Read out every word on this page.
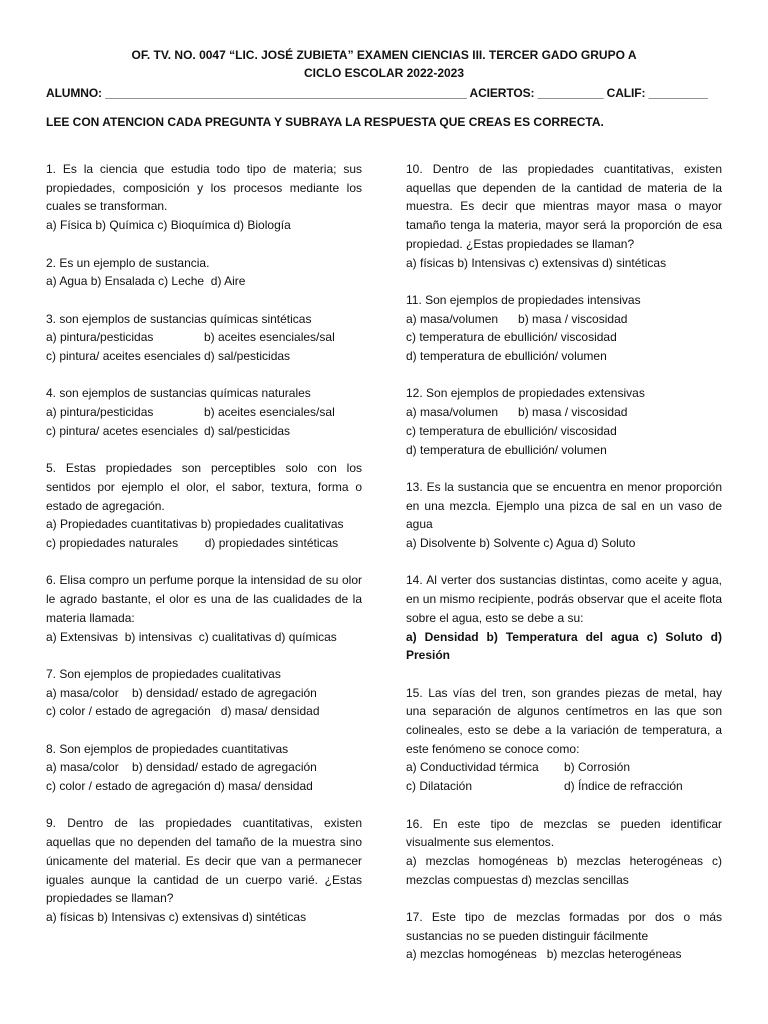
OF. TV. NO. 0047 “LIC. JOSÉ ZUBIETA” EXAMEN CIENCIAS III. TERCER GADO GRUPO A
CICLO ESCOLAR 2022-2023
ALUMNO: _______________________________________________________ ACIERTOS: __________ CALIF: _________
LEE CON ATENCION CADA PREGUNTA Y SUBRAYA LA RESPUESTA QUE CREAS ES CORRECTA.

1. Es la ciencia que estudia todo tipo de materia; sus propiedades, composición y los procesos mediante los cuales se transforman.

a) Física b) Química c) Bioquímica d) Biología

2. Es un ejemplo de sustancia.

a) Agua b) Ensalada c) Leche  d) Aire

3. son ejemplos de sustancias químicas sintéticas

a) pintura/pesticidas	b) aceites esenciales/sal
c) pintura/ aceites esenciales d) sal/pesticidas

4. son ejemplos de sustancias químicas naturales

a) pintura/pesticidas	b) aceites esenciales/sal
c) pintura/ acetes esenciales d) sal/pesticidas

5. Estas propiedades son perceptibles solo con los sentidos por ejemplo el olor, el sabor, textura, forma o estado de agregación.

a) Propiedades cuantitativas b) propiedades cualitativas

c) propiedades naturales        d) propiedades sintéticas

6. Elisa compro un perfume porque la intensidad de su olor le agrado bastante, el olor es una de las cualidades de la materia llamada:

a) Extensivas  b) intensivas  c) cualitativas d) químicas

7. Son ejemplos de propiedades cualitativas

a) masa/color    b) densidad/ estado de agregación

c) color / estado de agregación   d) masa/ densidad

8. Son ejemplos de propiedades cuantitativas

a) masa/color    b) densidad/ estado de agregación

c) color / estado de agregación d) masa/ densidad

9. Dentro de las propiedades cuantitativas, existen aquellas que no dependen del tamaño de la muestra sino únicamente del material. Es decir que van a permanecer iguales aunque la cantidad de un cuerpo varié. ¿Estas propiedades se llaman?

a) físicas b) Intensivas c) extensivas d) sintéticas

10. Dentro de las propiedades cuantitativas, existen aquellas que dependen de la cantidad de materia de la muestra. Es decir que mientras mayor masa o mayor tamaño tenga la materia, mayor será la proporción de esa propiedad. ¿Estas propiedades se llaman?

a) físicas b) Intensivas c) extensivas d) sintéticas

11. Son ejemplos de propiedades intensivas

a) masa/volumen      b) masa / viscosidad

c) temperatura de ebullición/ viscosidad

d) temperatura de ebullición/ volumen

12. Son ejemplos de propiedades extensivas

a) masa/volumen      b) masa / viscosidad

c) temperatura de ebullición/ viscosidad

d) temperatura de ebullición/ volumen

13. Es la sustancia que se encuentra en menor proporción en una mezcla. Ejemplo una pizca de sal en un vaso de agua

a) Disolvente b) Solvente c) Agua d) Soluto

14. Al verter dos sustancias distintas, como aceite y agua, en un mismo recipiente, podrás observar que el aceite flota sobre el agua, esto se debe a su:

a) Densidad b) Temperatura del agua c) Soluto d) Presión

15. Las vías del tren, son grandes piezas de metal, hay una separación de algunos centímetros en las que son colineales, esto se debe a la variación de temperatura, a este fenómeno se conoce como:

a) Conductividad térmica	b) Corrosión
c) Dilatación	d) Índice de refracción

16. En este tipo de mezclas se pueden identificar visualmente sus elementos.

a) mezclas homogéneas b) mezclas heterogéneas c) mezclas compuestas d) mezclas sencillas

17. Este tipo de mezclas formadas por dos o más sustancias no se pueden distinguir fácilmente

a) mezclas homogéneas   b) mezclas heterogéneas
